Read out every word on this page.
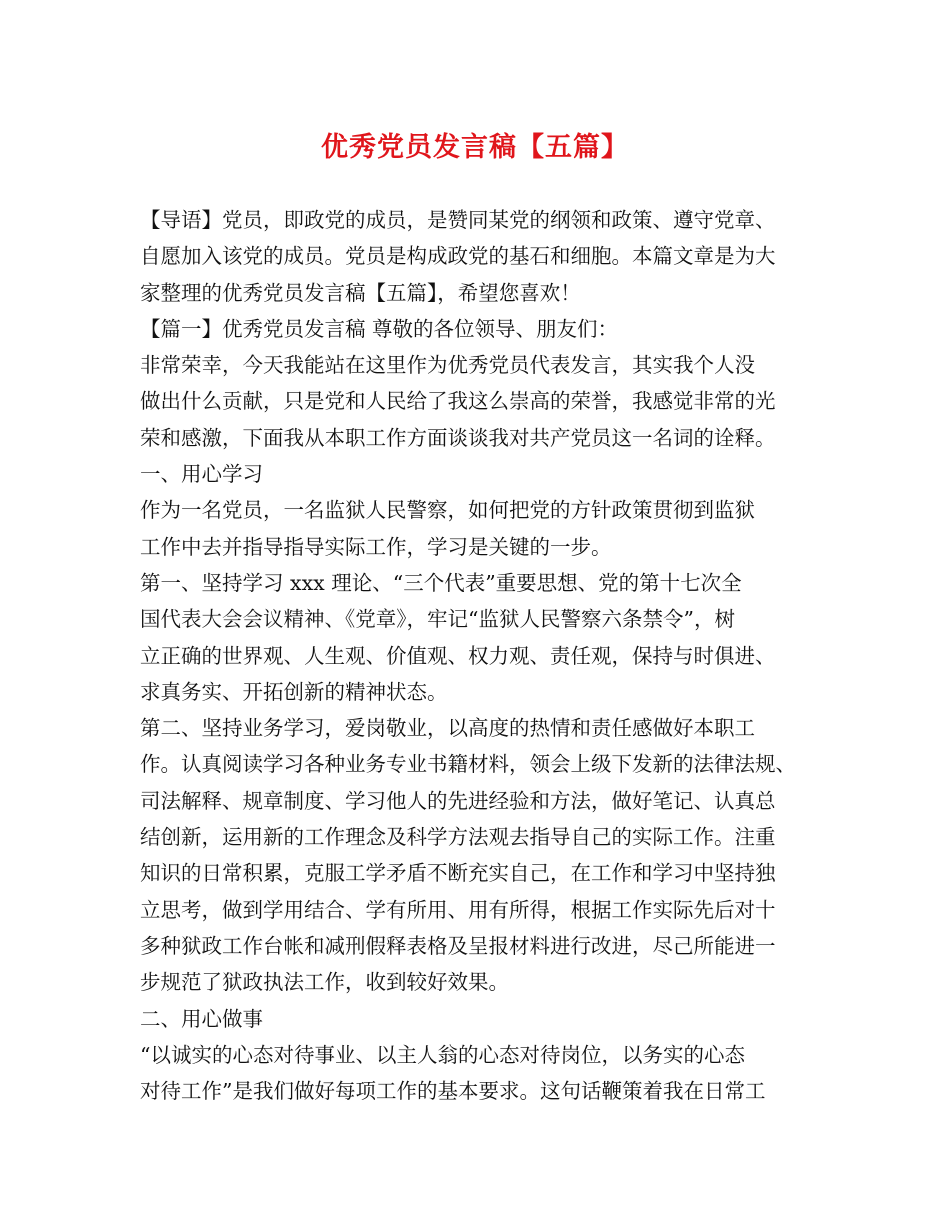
优秀党员发言稿【五篇】
【导语】党员，即政党的成员，是赞同某党的纲领和政策、遵守党章、
自愿加入该党的成员。党员是构成政党的基石和细胞。本篇文章是为大
家整理的优秀党员发言稿【五篇】，希望您喜欢！
【篇一】优秀党员发言稿 尊敬的各位领导、朋友们：
非常荣幸，今天我能站在这里作为优秀党员代表发言，其实我个人没
做出什么贡献，只是党和人民给了我这么崇高的荣誉，我感觉非常的光
荣和感激，下面我从本职工作方面谈谈我对共产党员这一名词的诠释。
一、用心学习
作为一名党员，一名监狱人民警察，如何把党的方针政策贯彻到监狱
工作中去并指导指导实际工作，学习是关键的一步。
第一、坚持学习 xxx 理论、“三个代表”重要思想、党的第十七次全
国代表大会会议精神、《党章》，牢记“监狱人民警察六条禁令”，树
立正确的世界观、人生观、价值观、权力观、责任观，保持与时俱进、
求真务实、开拓创新的精神状态。
第二、坚持业务学习，爱岗敬业，以高度的热情和责任感做好本职工
作。认真阅读学习各种业务专业书籍材料，领会上级下发新的法律法规、
司法解释、规章制度、学习他人的先进经验和方法，做好笔记、认真总
结创新，运用新的工作理念及科学方法观去指导自己的实际工作。注重
知识的日常积累，克服工学矛盾不断充实自己，在工作和学习中坚持独
立思考，做到学用结合、学有所用、用有所得，根据工作实际先后对十
多种狱政工作台帐和减刑假释表格及呈报材料进行改进，尽己所能进一
步规范了狱政执法工作，收到较好效果。
二、用心做事
“以诚实的心态对待事业、以主人翁的心态对待岗位，以务实的心态
对待工作”是我们做好每项工作的基本要求。这句话鞭策着我在日常工
